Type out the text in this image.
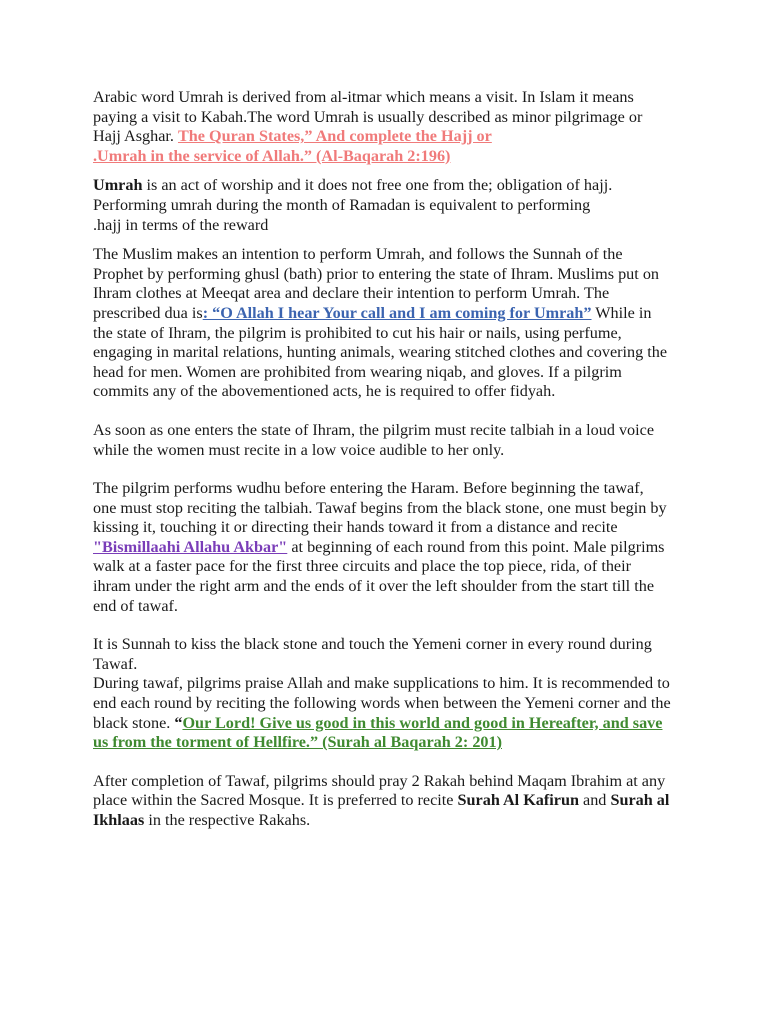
Arabic word Umrah is derived from al-itmar which means a visit. In Islam it means paying a visit to Kabah.The word Umrah is usually described as minor pilgrimage or Hajj Asghar. The Quran States,” And complete the Hajj or
.Umrah in the service of Allah.” (Al-Baqarah 2:196)

Umrah is an act of worship and it does not free one from the; obligation of hajj. Performing umrah during the month of Ramadan is equivalent to performing
.hajj in terms of the reward

The Muslim makes an intention to perform Umrah, and follows the Sunnah of the Prophet by performing ghusl (bath) prior to entering the state of Ihram. Muslims put on Ihram clothes at Meeqat area and declare their intention to perform Umrah. The prescribed dua is: “O Allah I hear Your call and I am coming for Umrah” While in the state of Ihram, the pilgrim is prohibited to cut his hair or nails, using perfume, engaging in marital relations, hunting animals, wearing stitched clothes and covering the head for men. Women are prohibited from wearing niqab, and gloves. If a pilgrim commits any of the abovementioned acts, he is required to offer fidyah.

As soon as one enters the state of Ihram, the pilgrim must recite talbiah in a loud voice while the women must recite in a low voice audible to her only.

The pilgrim performs wudhu before entering the Haram. Before beginning the tawaf, one must stop reciting the talbiah. Tawaf begins from the black stone, one must begin by kissing it, touching it or directing their hands toward it from a distance and recite "Bismillaahi Allahu Akbar" at beginning of each round from this point. Male pilgrims walk at a faster pace for the first three circuits and place the top piece, rida, of their ihram under the right arm and the ends of it over the left shoulder from the start till the end of tawaf.

It is Sunnah to kiss the black stone and touch the Yemeni corner in every round during Tawaf.

During tawaf, pilgrims praise Allah and make supplications to him. It is recommended to end each round by reciting the following words when between the Yemeni corner and the black stone. “Our Lord! Give us good in this world and good in Hereafter, and save us from the torment of Hellfire.” (Surah al Baqarah 2: 201)

After completion of Tawaf, pilgrims should pray 2 Rakah behind Maqam Ibrahim at any place within the Sacred Mosque. It is preferred to recite Surah Al Kafirun and Surah al Ikhlaas in the respective Rakahs.
